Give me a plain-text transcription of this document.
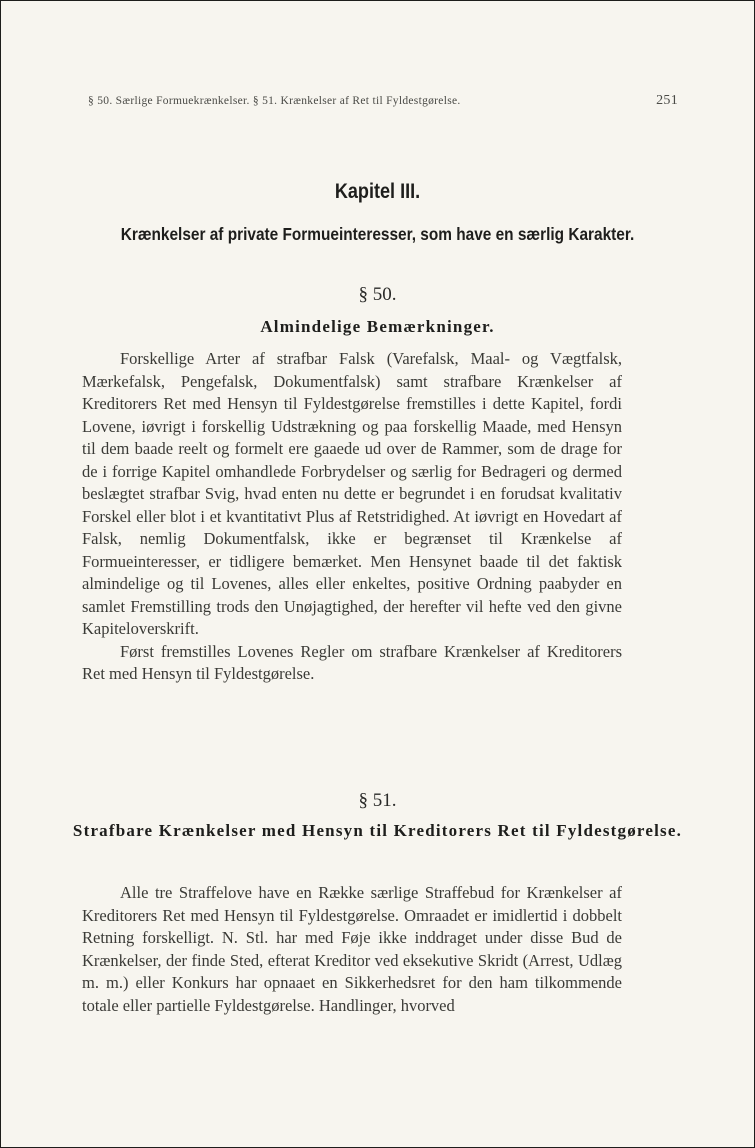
§ 50. Særlige Formuekrænkelser. § 51. Krænkelser af Ret til Fyldestgørelse.	251
Kapitel III.
Krænkelser af private Formueinteresser, som have en særlig Karakter.
§ 50.
Almindelige Bemærkninger.

Forskellige Arter af strafbar Falsk (Varefalsk, Maal- og Vægtfalsk, Mærkefalsk, Pengefalsk, Dokumentfalsk) samt strafbare Krænkelser af Kreditorers Ret med Hensyn til Fyldestgørelse fremstilles i dette Kapitel, fordi Lovene, iøvrigt i forskellig Udstrækning og paa forskellig Maade, med Hensyn til dem baade reelt og formelt ere gaaede ud over de Rammer, som de drage for de i forrige Kapitel omhandlede Forbrydelser og særlig for Bedrageri og dermed beslægtet strafbar Svig, hvad enten nu dette er begrundet i en forudsat kvalitativ Forskel eller blot i et kvantitativt Plus af Retstridighed. At iøvrigt en Hovedart af Falsk, nemlig Dokumentfalsk, ikke er begrænset til Krænkelse af Formueinteresser, er tidligere bemærket. Men Hensynet baade til det faktisk almindelige og til Lovenes, alles eller enkeltes, positive Ordning paabyder en samlet Fremstilling trods den Unøjagtighed, der herefter vil hefte ved den givne Kapiteloverskrift.

Først fremstilles Lovenes Regler om strafbare Krænkelser af Kreditorers Ret med Hensyn til Fyldestgørelse.

§ 51.
Strafbare Krænkelser med Hensyn til Kreditorers Ret til Fyldestgørelse.

Alle tre Straffelove have en Række særlige Straffebud for Krænkelser af Kreditorers Ret med Hensyn til Fyldestgørelse. Omraadet er imidlertid i dobbelt Retning forskelligt. N. Stl. har med Føje ikke inddraget under disse Bud de Krænkelser, der finde Sted, efterat Kreditor ved eksekutive Skridt (Arrest, Udlæg m. m.) eller Konkurs har opnaaet en Sikkerhedsret for den ham tilkommende totale eller partielle Fyldestgørelse. Handlinger, hvorved
